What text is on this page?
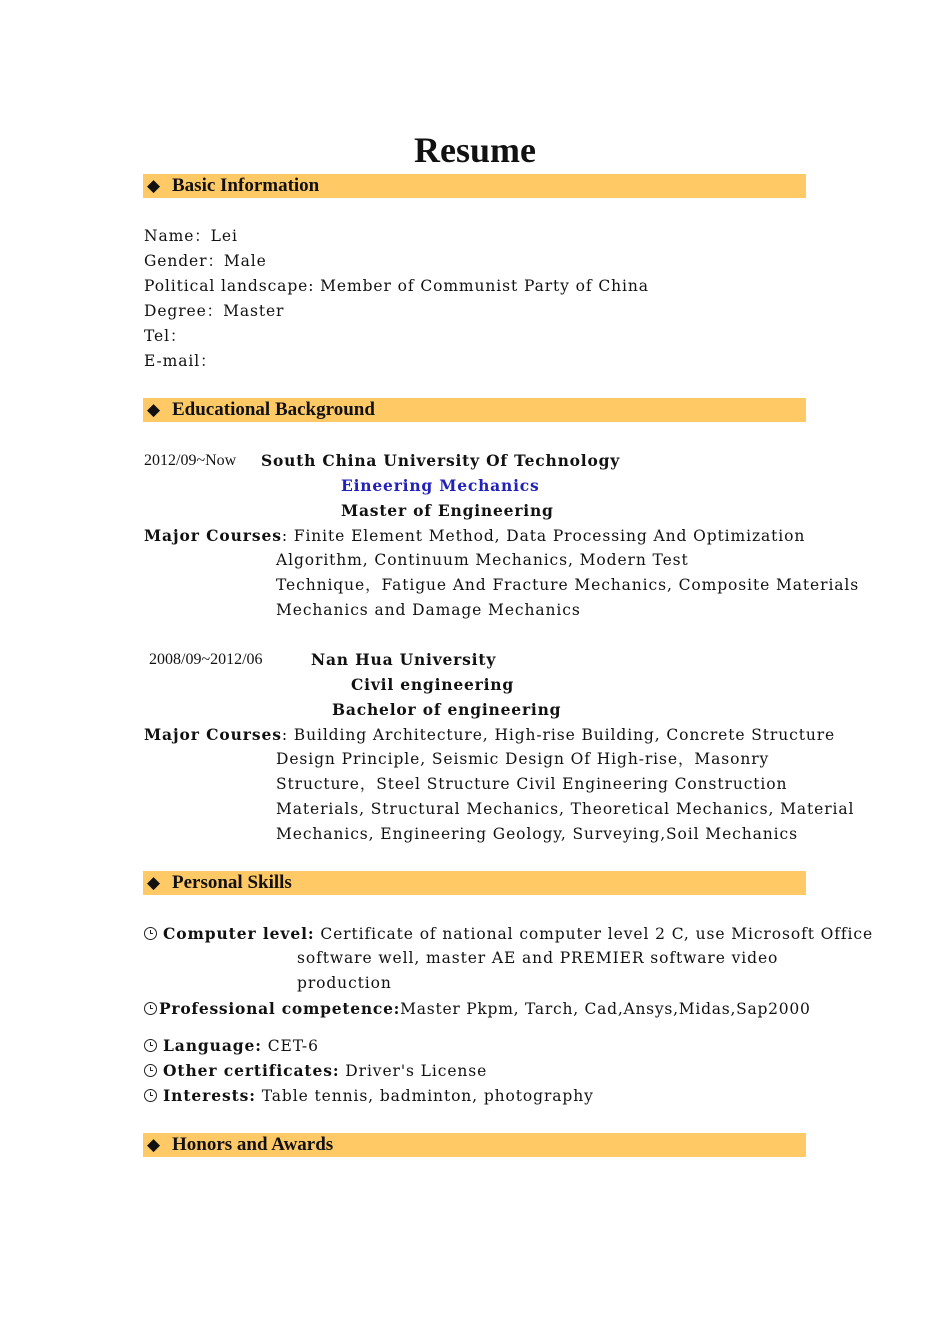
Resume
◆ Basic Information
Name：Lei
Gender：Male
Political landscape: Member of Communist Party of China
Degree：Master
Tel：
E-mail：
◆ Educational Background
2012/09~Now South China University Of Technology
Eineering Mechanics
Master of Engineering
Major Courses: Finite Element Method, Data Processing And Optimization
Algorithm, Continuum Mechanics, Modern Test
Technique，Fatigue And Fracture Mechanics, Composite Materials
Mechanics and Damage Mechanics
2008/09~2012/06	Nan Hua University
Civil engineering
Bachelor of engineering
Major Courses: Building Architecture, High-rise Building, Concrete Structure
Design Principle, Seismic Design Of High-rise，Masonry
Structure，Steel Structure Civil Engineering Construction
Materials, Structural Mechanics, Theoretical Mechanics, Material
Mechanics, Engineering Geology, Surveying,Soil Mechanics
◆ Personal Skills
Computer level: Certificate of national computer level 2 C, use Microsoft Office
software well, master AE and PREMIER software video
production
Professional competence:Master Pkpm, Tarch, Cad,Ansys,Midas,Sap2000
Language: CET-6
Other certificates: Driver's License
Interests: Table tennis, badminton, photography
◆ Honors and Awards
